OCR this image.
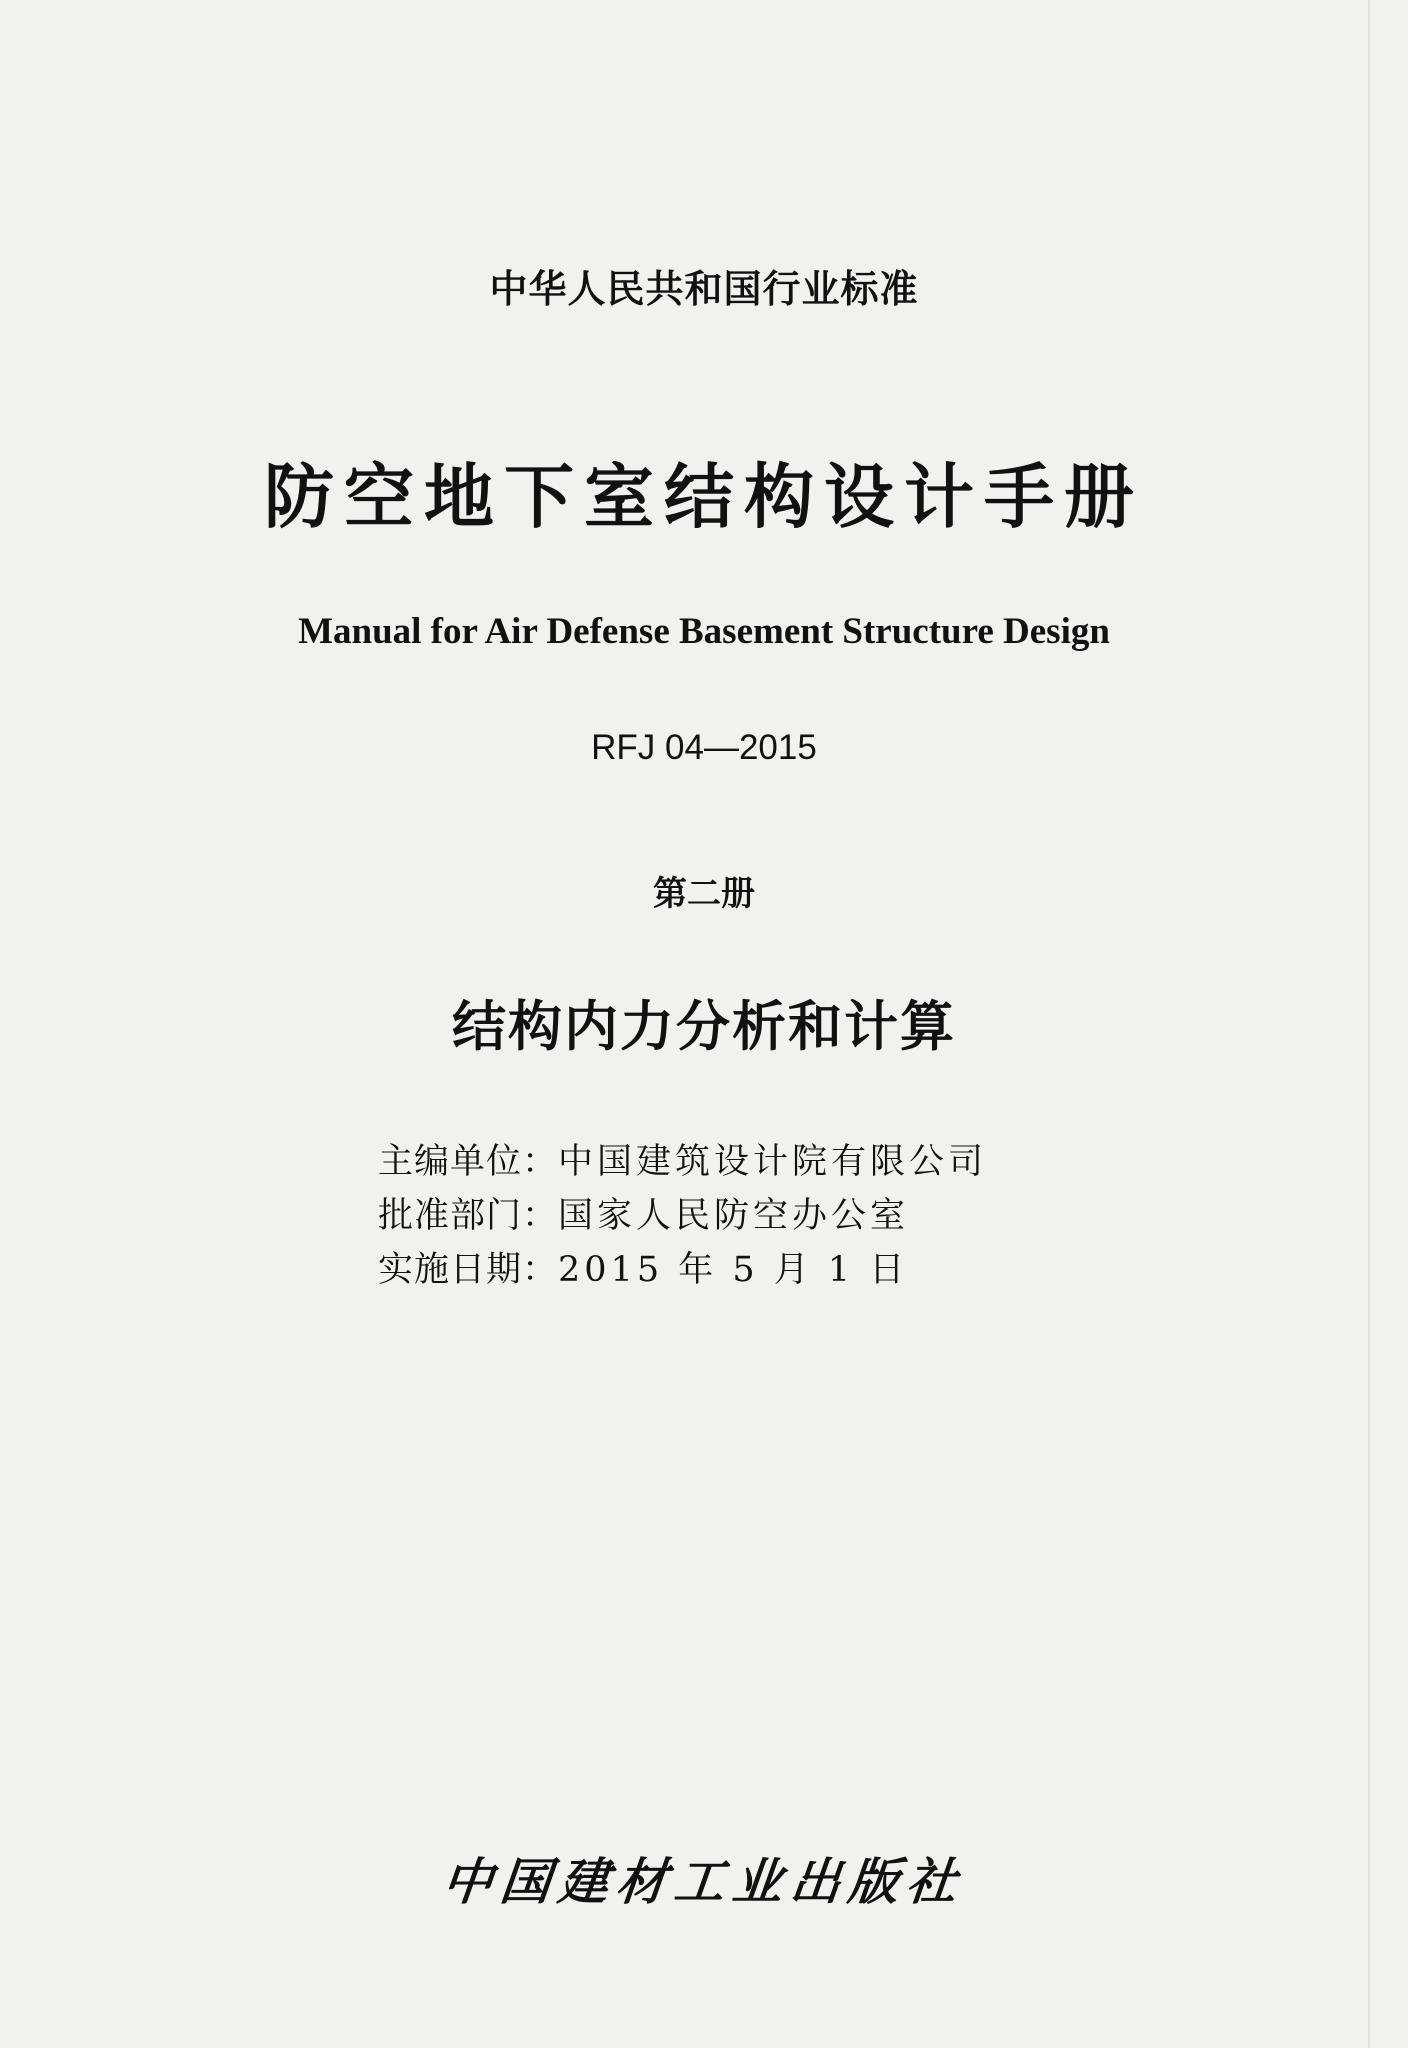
中华人民共和国行业标准
防空地下室结构设计手册
Manual for Air Defense Basement Structure Design
RFJ 04—2015
第二册
结构内力分析和计算
主编单位：中国建筑设计院有限公司
批准部门：国家人民防空办公室
实施日期：2015 年 5 月 1 日
中国建材工业出版社
